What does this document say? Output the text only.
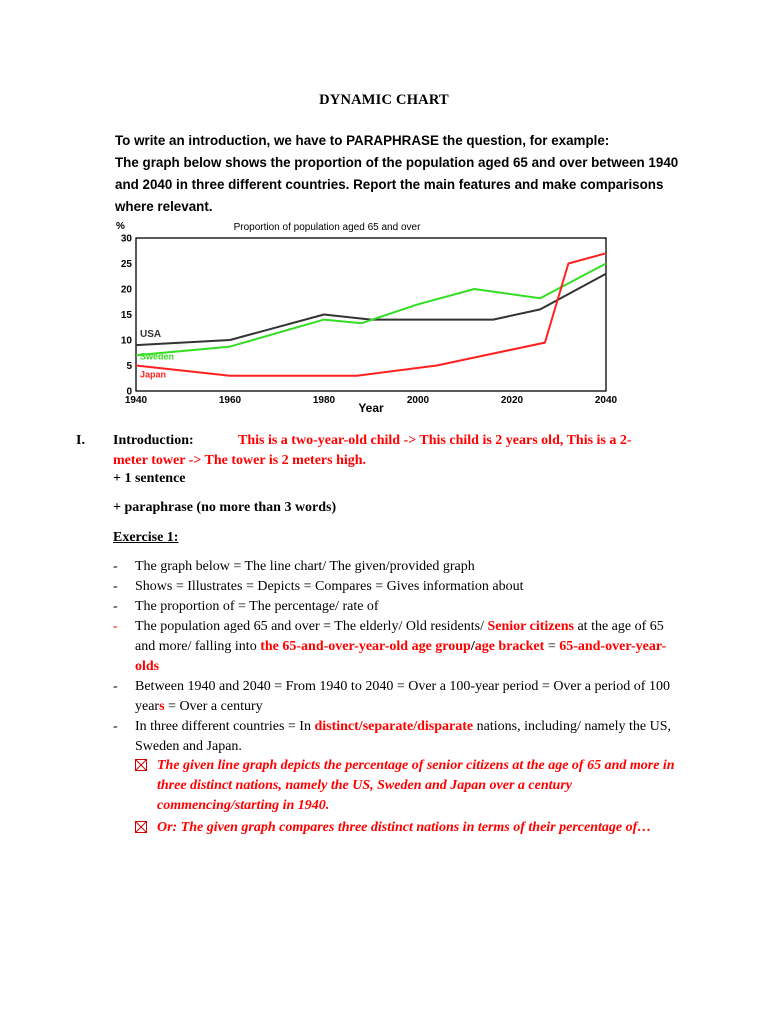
DYNAMIC CHART
To write an introduction, we have to PARAPHRASE the question, for example:
The graph below shows the proportion of the population aged 65 and over between 1940
and 2040 in three different countries. Report the main features and make comparisons
where relevant.
Proportion of population aged 65 and over
%
0
5
10
15
20
25
30
1940	1960	1980	2000	2020	2040
USA
Sweden
Japan
Year
I. Introduction:	This is a two-year-old child -> This child is 2 years old, This is a 2-
meter tower -> The tower is 2 meters high.
+ 1 sentence
+ paraphrase (no more than 3 words)
Exercise 1:
- The graph below = The line chart/ The given/provided graph
- Shows = Illustrates = Depicts = Compares = Gives information about
- The proportion of = The percentage/ rate of
- The population aged 65 and over = The elderly/ Old residents/ Senior citizens at the age of 65 and more/ falling into the 65-and-over-year-old age group/age bracket = 65-and-over-year-olds
- Between 1940 and 2040 = From 1940 to 2040 = Over a 100-year period = Over a period of 100 years = Over a century
- In three different countries = In distinct/separate/disparate nations, including/ namely the US, Sweden and Japan.
The given line graph depicts the percentage of senior citizens at the age of 65 and more in three distinct nations, namely the US, Sweden and Japan over a century commencing/starting in 1940.
Or: The given graph compares three distinct nations in terms of their percentage of…
